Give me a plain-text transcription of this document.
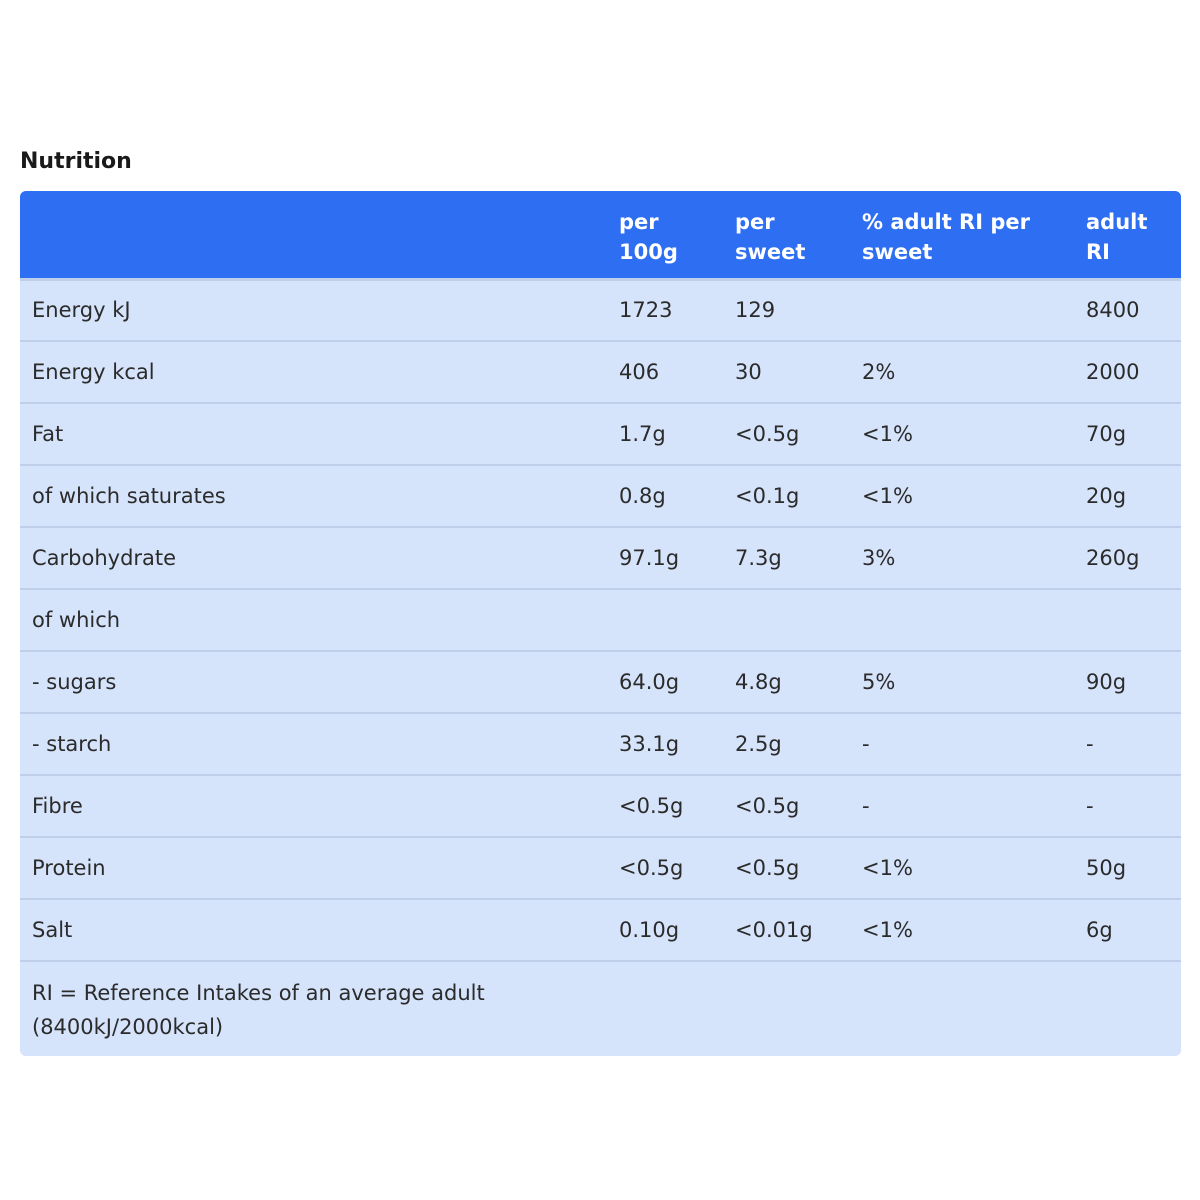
Nutrition
	per 100g	per sweet	% adult RI per sweet	adult RI
Energy kJ	1723	129		8400
Energy kcal	406	30	2%	2000
Fat	1.7g	<0.5g	<1%	70g
of which saturates	0.8g	<0.1g	<1%	20g
Carbohydrate	97.1g	7.3g	3%	260g
of which				
- sugars	64.0g	4.8g	5%	90g
- starch	33.1g	2.5g	-	-
Fibre	<0.5g	<0.5g	-	-
Protein	<0.5g	<0.5g	<1%	50g
Salt	0.10g	<0.01g	<1%	6g

RI = Reference Intakes of an average adult (8400kJ/2000kcal)				
